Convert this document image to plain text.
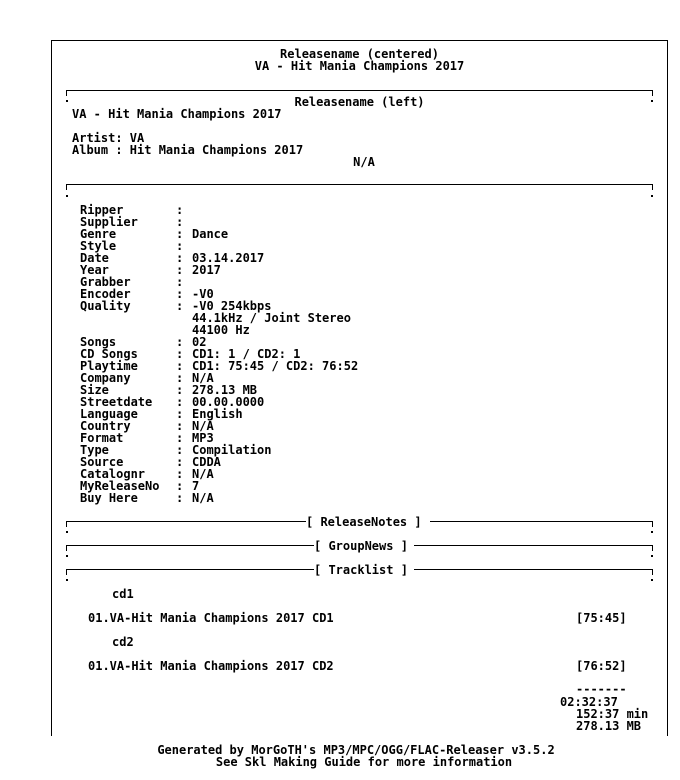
Releasename (centered)
VA - Hit Mania Champions 2017
Releasename (left)
VA - Hit Mania Champions 2017
Artist: VA
Album : Hit Mania Champions 2017
N/A
Ripper	:
Supplier	:
Genre	: Dance
Style	:
Date	: 03.14.2017
Year	: 2017
Grabber	:
Encoder	: -V0
Quality	: -V0 254kbps
44.1kHz / Joint Stereo
44100 Hz
Songs	: 02
CD Songs	: CD1: 1 / CD2: 1
Playtime	: CD1: 75:45 / CD2: 76:52
Company	: N/A
Size	: 278.13 MB
Streetdate : 00.00.0000
Language	: English
Country	: N/A
Format	: MP3
Type	: Compilation
Source	: CDDA
Catalognr	: N/A
MyReleaseNo : 7
Buy Here	: N/A
[ ReleaseNotes ]
[ GroupNews ]
[ Tracklist ]
cd1
01.VA-Hit Mania Champions 2017 CD1	[75:45]
cd2
01.VA-Hit Mania Champions 2017 CD2	[76:52]
-------
02:32:37
152:37 min
278.13 MB
Generated by MorGoTH's MP3/MPC/OGG/FLAC-Releaser v3.5.2
See Skl Making Guide for more information
